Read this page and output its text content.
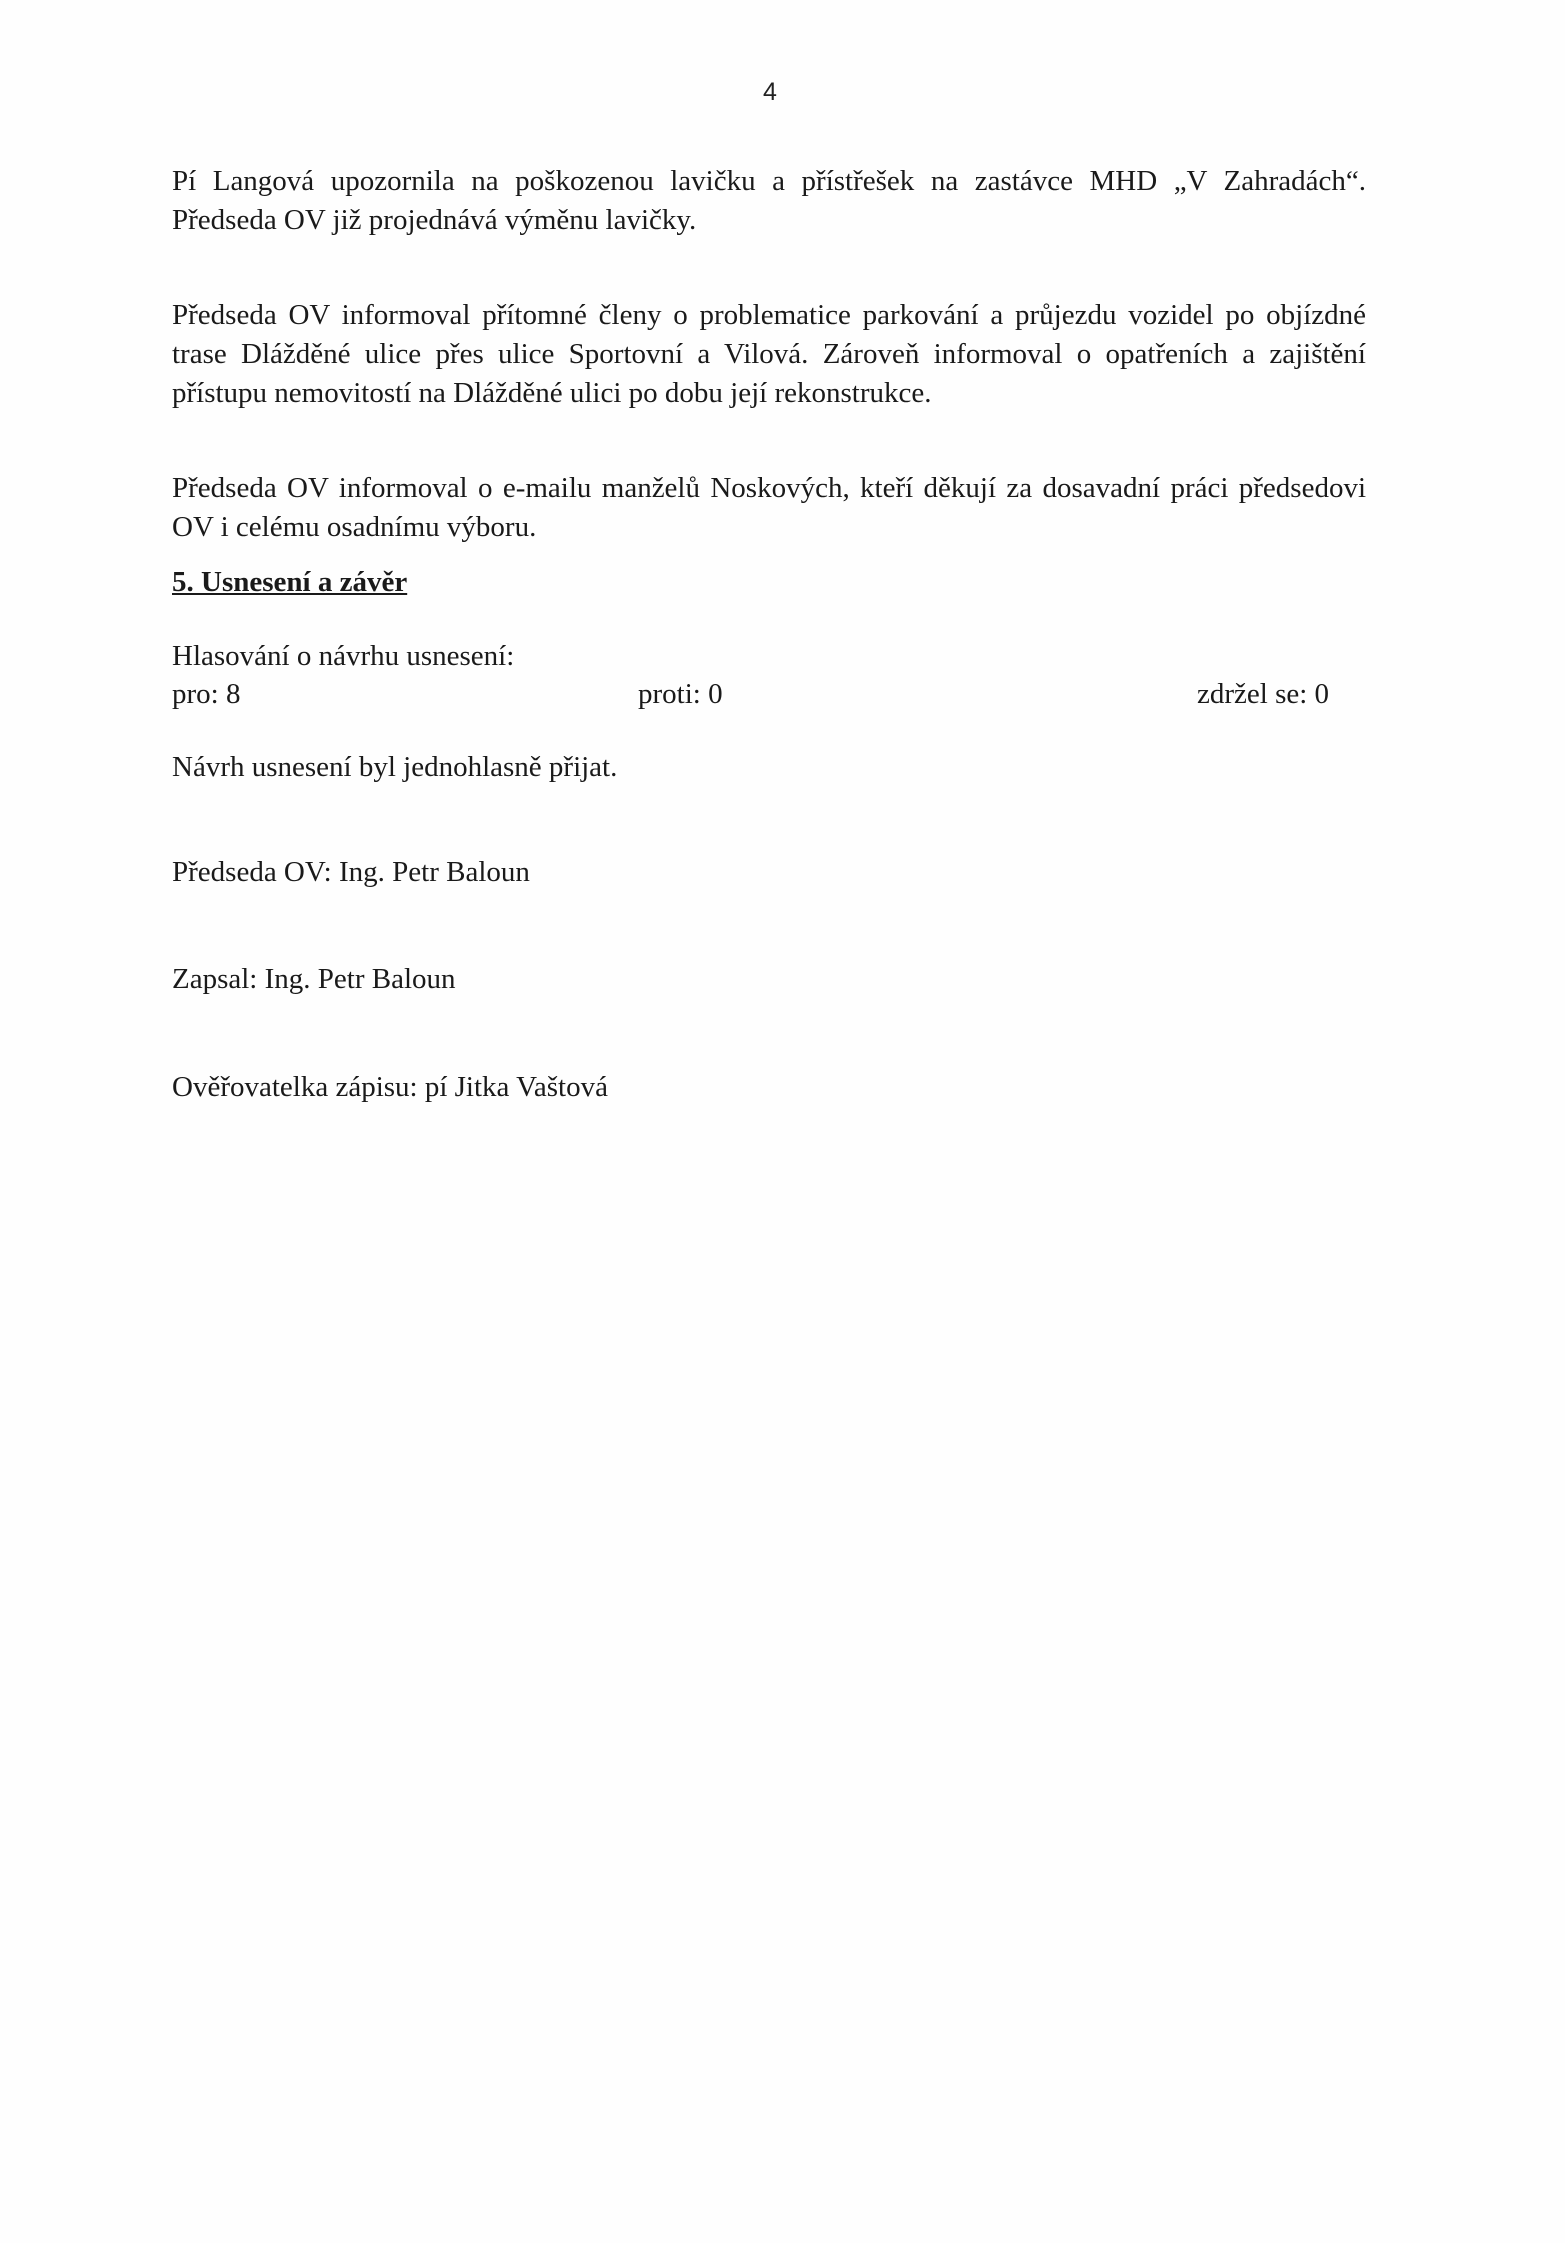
4

Pí Langová upozornila na poškozenou lavičku a přístřešek na zastávce MHD „V Zahradách“. Předseda OV již projednává výměnu lavičky.

Předseda OV informoval přítomné členy o problematice parkování a průjezdu vozidel po objízdné trase Dlážděné ulice přes ulice Sportovní a Vilová. Zároveň informoval o opatřeních a zajištění přístupu nemovitostí na Dlážděné ulici po dobu její rekonstrukce.

Předseda OV informoval o e-mailu manželů Noskových, kteří děkují za dosavadní práci předsedovi OV i celému osadnímu výboru.

5. Usnesení a závěr
Hlasování o návrhu usnesení:
pro: 8	proti: 0	zdržel se: 0
Návrh usnesení byl jednohlasně přijat.
Předseda OV: Ing. Petr Baloun
Zapsal: Ing. Petr Baloun
Ověřovatelka zápisu: pí Jitka Vaštová
